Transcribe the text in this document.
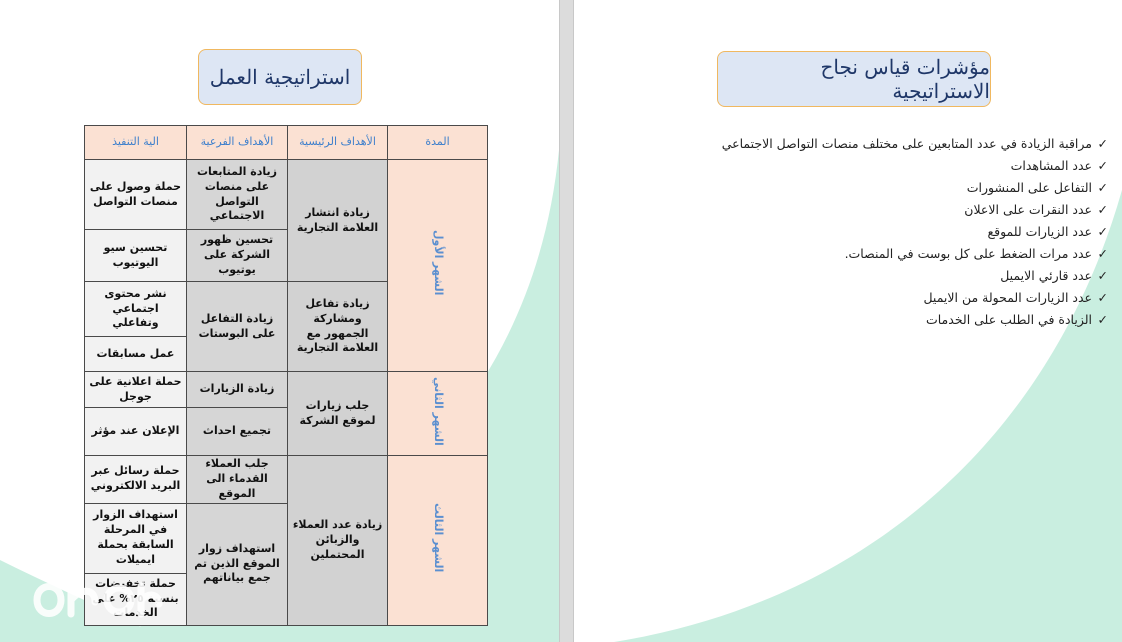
استراتيجية العمل
المدة	الأهداف الرئيسية	الأهداف الفرعية	الية التنفيذ
الشهر الأول	زيادة انتشار العلامة التجارية	زيادة المتابعات على منصات التواصل الاجتماعي	حملة وصول على منصات التواصل
		تحسين ظهور الشركة على يوتيوب	تحسين سيو اليوتيوب
	زيادة تفاعل ومشاركة الجمهور مع العلامة التجارية	زيادة التفاعل على البوستات	نشر محتوى اجتماعي وتفاعلي
			عمل مسابقات

الشهر الثاني	جلب زيارات لموقع الشركة	زيادة الزيارات	حملة اعلانية على جوجل
		تجميع احداث	الإعلان عند مؤثر
الشهر الثالث	زيادة عدد العملاء والزبائن المحتملين	جلب العملاء القدماء الى الموقع	حملة رسائل عبر البريد الالكتروني
		استهداف زوار الموقع الذين تم جمع بياناتهم	استهداف الزوار في المرحلة السابقة بحملة ايميلات
			حملة تخفيضات بنسبة ٢٥% على الخدمات
مؤشرات قياس نجاح الاستراتيجية
✓
مراقبة الزيادة في عدد المتابعين على مختلف منصات التواصل الاجتماعي
✓
عدد المشاهدات
✓
التفاعل على المنشورات
✓
عدد النقرات على الاعلان
✓
عدد الزيارات للموقع
✓
عدد مرات الضغط على كل بوست في المنصات.
✓
عدد قارئي الايميل
✓
عدد الزيارات المحولة من الايميل
✓
الزيادة في الطلب على الخدمات
